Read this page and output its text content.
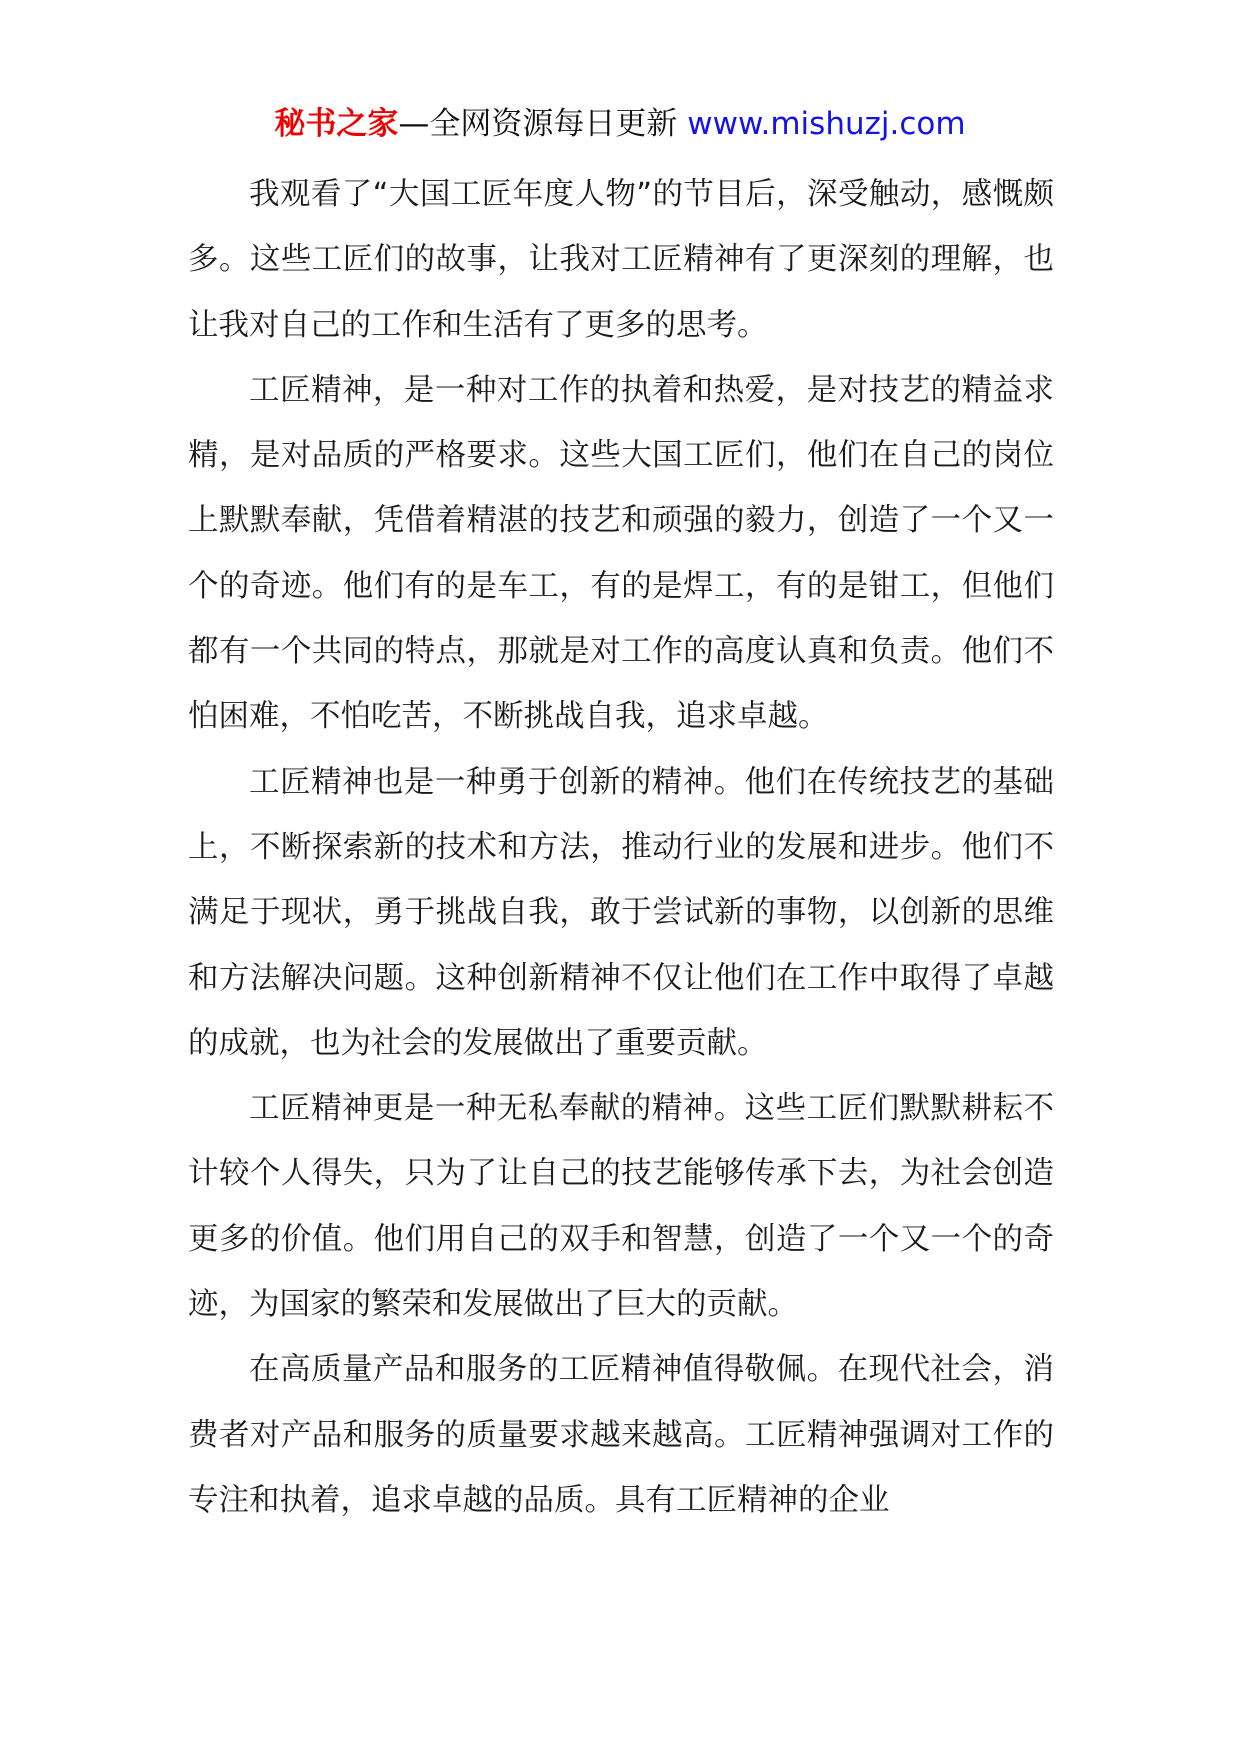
秘书之家—全网资源每日更新 www.mishuzj.com

我观看了“大国工匠年度人物”的节目后，深受触动，感慨颇多。这些工匠们的故事，让我对工匠精神有了更深刻的理解，也让我对自己的工作和生活有了更多的思考。

工匠精神，是一种对工作的执着和热爱，是对技艺的精益求精，是对品质的严格要求。这些大国工匠们，他们在自己的岗位上默默奉献，凭借着精湛的技艺和顽强的毅力，创造了一个又一个的奇迹。他们有的是车工，有的是焊工，有的是钳工，但他们都有一个共同的特点，那就是对工作的高度认真和负责。他们不怕困难，不怕吃苦，不断挑战自我，追求卓越。

工匠精神也是一种勇于创新的精神。他们在传统技艺的基础上，不断探索新的技术和方法，推动行业的发展和进步。他们不满足于现状，勇于挑战自我，敢于尝试新的事物，以创新的思维和方法解决问题。这种创新精神不仅让他们在工作中取得了卓越的成就，也为社会的发展做出了重要贡献。

工匠精神更是一种无私奉献的精神。这些工匠们默默耕耘不计较个人得失，只为了让自己的技艺能够传承下去，为社会创造更多的价值。他们用自己的双手和智慧，创造了一个又一个的奇迹，为国家的繁荣和发展做出了巨大的贡献。

在高质量产品和服务的工匠精神值得敬佩。在现代社会，消费者对产品和服务的质量要求越来越高。工匠精神强调对工作的专注和执着，追求卓越的品质。具有工匠精神的企业
